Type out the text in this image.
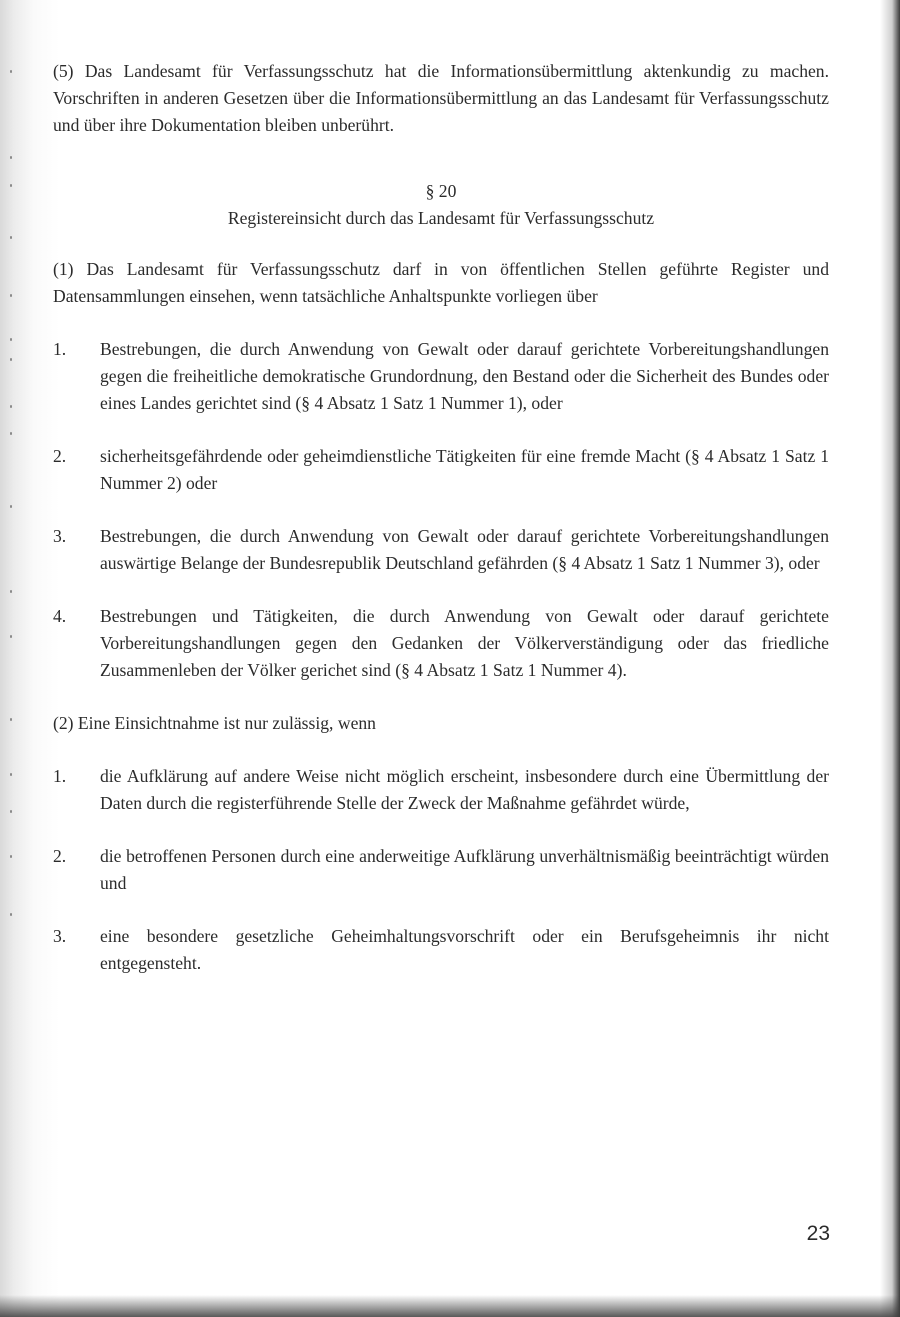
(5) Das Landesamt für Verfassungsschutz hat die Informationsübermittlung aktenkundig zu machen. Vorschriften in anderen Gesetzen über die Informationsübermittlung an das Landesamt für Verfassungsschutz und über ihre Dokumentation bleiben unberührt.

§ 20
Registereinsicht durch das Landesamt für Verfassungsschutz

(1) Das Landesamt für Verfassungsschutz darf in von öffentlichen Stellen geführte Register und Datensammlungen einsehen, wenn tatsächliche Anhaltspunkte vorliegen über

1.	Bestrebungen, die durch Anwendung von Gewalt oder darauf gerichtete Vorbereitungshandlungen gegen die freiheitliche demokratische Grundordnung, den Bestand oder die Sicherheit des Bundes oder eines Landes gerichtet sind (§ 4 Absatz 1 Satz 1 Nummer 1), oder
2.	sicherheitsgefährdende oder geheimdienstliche Tätigkeiten für eine fremde Macht (§ 4 Absatz 1 Satz 1 Nummer 2) oder
3.	Bestrebungen, die durch Anwendung von Gewalt oder darauf gerichtete Vorbereitungshandlungen auswärtige Belange der Bundesrepublik Deutschland gefährden (§ 4 Absatz 1 Satz 1 Nummer 3), oder
4.	Bestrebungen und Tätigkeiten, die durch Anwendung von Gewalt oder darauf gerichtete Vorbereitungshandlungen gegen den Gedanken der Völkerverständigung oder das friedliche Zusammenleben der Völker gerichet sind (§ 4 Absatz 1 Satz 1 Nummer 4).

(2) Eine Einsichtnahme ist nur zulässig, wenn

1.	die Aufklärung auf andere Weise nicht möglich erscheint, insbesondere durch eine Übermittlung der Daten durch die registerführende Stelle der Zweck der Maßnahme gefährdet würde,
2.	die betroffenen Personen durch eine anderweitige Aufklärung unverhältnismäßig beeinträchtigt würden und
3.	eine besondere gesetzliche Geheimhaltungsvorschrift oder ein Berufsgeheimnis ihr nicht entgegensteht.
23
